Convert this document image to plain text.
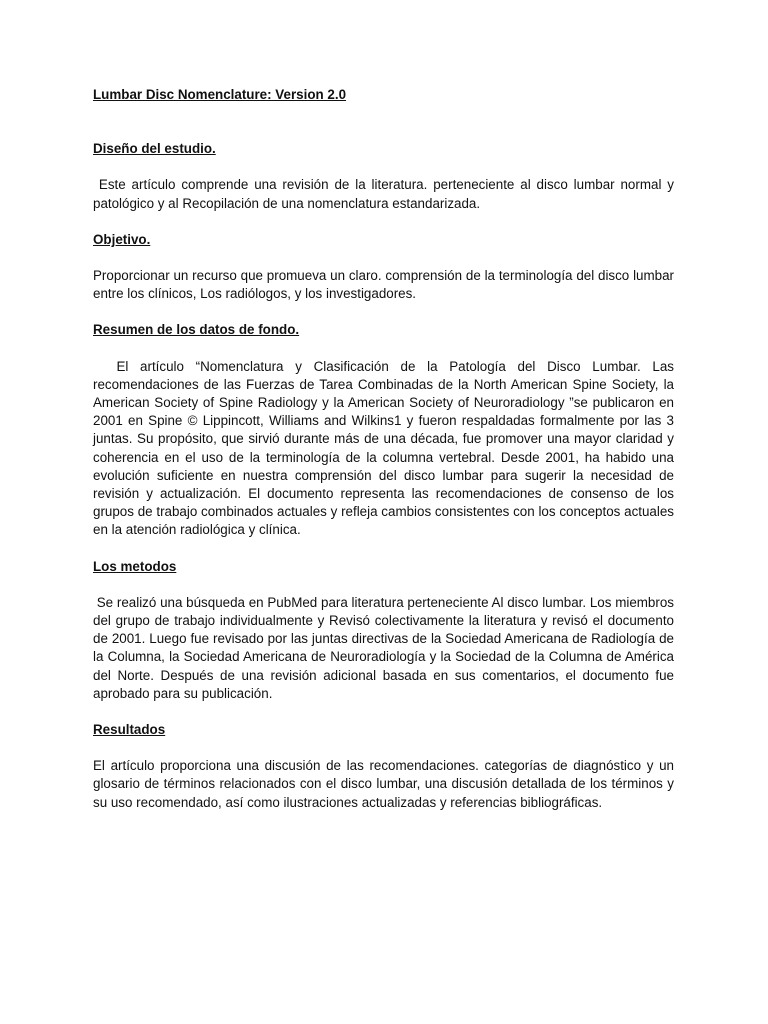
Lumbar Disc Nomenclature: Version 2.0

Diseño del estudio.

Este artículo comprende una revisión de la literatura. perteneciente al disco lumbar normal y patológico y al Recopilación de una nomenclatura estandarizada.

Objetivo.

Proporcionar un recurso que promueva un claro. comprensión de la terminología del disco lumbar entre los clínicos, Los radiólogos, y los investigadores.

Resumen de los datos de fondo.

El artículo “Nomenclatura y Clasificación de la Patología del Disco Lumbar. Las recomendaciones de las Fuerzas de Tarea Combinadas de la North American Spine Society, la American Society of Spine Radiology y la American Society of Neuroradiology ”se publicaron en 2001 en Spine © Lippincott, Williams and Wilkins1 y fueron respaldadas formalmente por las 3 juntas. Su propósito, que sirvió durante más de una década, fue promover una mayor claridad y coherencia en el uso de la terminología de la columna vertebral. Desde 2001, ha habido una evolución suficiente en nuestra comprensión del disco lumbar para sugerir la necesidad de revisión y actualización. El documento representa las recomendaciones de consenso de los grupos de trabajo combinados actuales y refleja cambios consistentes con los conceptos actuales en la atención radiológica y clínica.

Los metodos

Se realizó una búsqueda en PubMed para literatura perteneciente Al disco lumbar. Los miembros del grupo de trabajo individualmente y Revisó colectivamente la literatura y revisó el documento de 2001. Luego fue revisado por las juntas directivas de la Sociedad Americana de Radiología de la Columna, la Sociedad Americana de Neuroradiología y la Sociedad de la Columna de América del Norte. Después de una revisión adicional basada en sus comentarios, el documento fue aprobado para su publicación.

Resultados

El artículo proporciona una discusión de las recomendaciones. categorías de diagnóstico y un glosario de términos relacionados con el disco lumbar, una discusión detallada de los términos y su uso recomendado, así como ilustraciones actualizadas y referencias bibliográficas.
